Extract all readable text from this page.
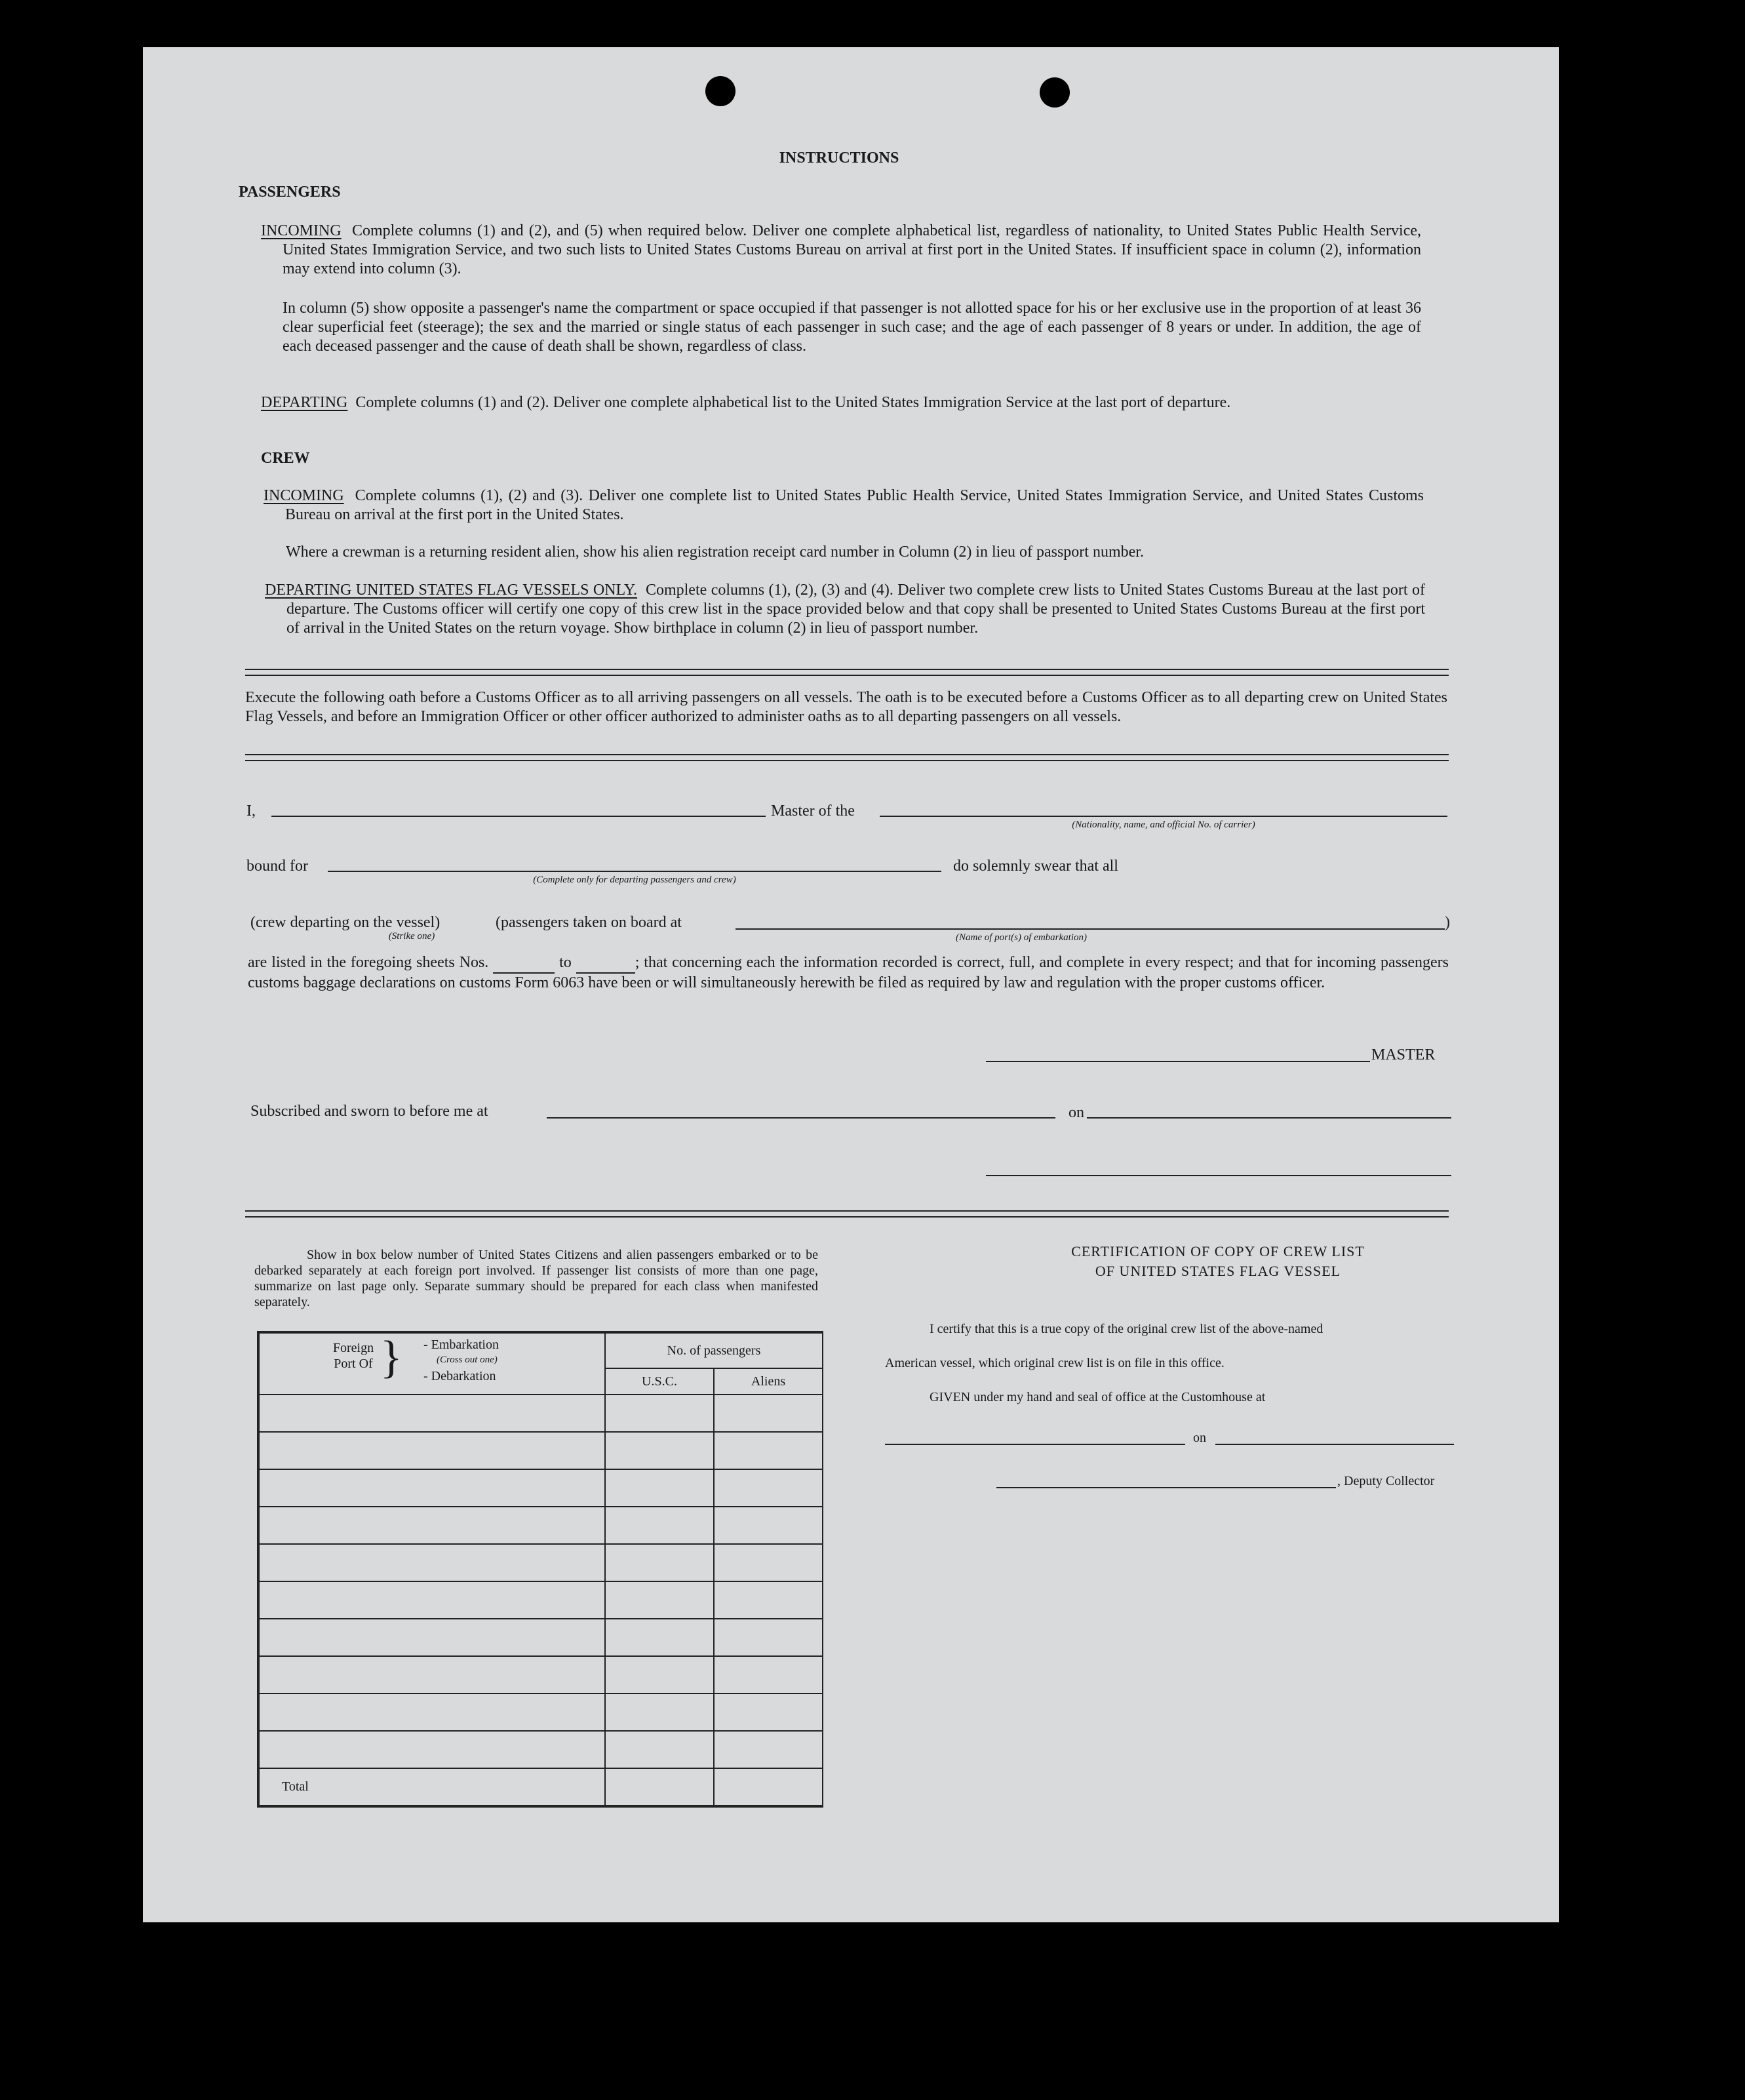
INSTRUCTIONS
PASSENGERS

INCOMING Complete columns (1) and (2), and (5) when required below. Deliver one complete alphabetical list, regardless of nationality, to United States Public Health Service, United States Immigration Service, and two such lists to United States Customs Bureau on arrival at first port in the United States. If insufficient space in column (2), information may extend into column (3).

In column (5) show opposite a passenger's name the compartment or space occupied if that passenger is not allotted space for his or her exclusive use in the proportion of at least 36 clear superficial feet (steerage); the sex and the married or single status of each passenger in such case; and the age of each passenger of 8 years or under. In addition, the age of each deceased passenger and the cause of death shall be shown, regardless of class.

DEPARTING Complete columns (1) and (2). Deliver one complete alphabetical list to the United States Immigration Service at the last port of departure.

CREW

INCOMING Complete columns (1), (2) and (3). Deliver one complete list to United States Public Health Service, United States Immigration Service, and United States Customs Bureau on arrival at the first port in the United States.

Where a crewman is a returning resident alien, show his alien registration receipt card number in Column (2) in lieu of passport number.

DEPARTING UNITED STATES FLAG VESSELS ONLY. Complete columns (1), (2), (3) and (4). Deliver two complete crew lists to United States Customs Bureau at the last port of departure. The Customs officer will certify one copy of this crew list in the space provided below and that copy shall be presented to United States Customs Bureau at the first port of arrival in the United States on the return voyage. Show birthplace in column (2) in lieu of passport number.

Execute the following oath before a Customs Officer as to all arriving passengers on all vessels. The oath is to be executed before a Customs Officer as to all departing crew on United States Flag Vessels, and before an Immigration Officer or other officer authorized to administer oaths as to all departing passengers on all vessels.

I,	Master of the
(Nationality, name, and official No. of carrier)
bound for
(Complete only for departing passengers and crew)
do solemnly swear that all
(crew departing on the vessel)
(Strike one)
(passengers taken on board at
(Name of port(s) of embarkation)
)

are listed in the foregoing sheets Nos.	to	; that concerning each the information recorded is correct, full, and complete in every respect; and that for incoming passengers customs baggage declarations on customs Form 6063 have been or will simultaneously herewith be filed as required by law and regulation with the proper customs officer.

MASTER
Subscribed and sworn to before me at	on

Show in box below number of United States Citizens and alien passengers embarked or to be debarked separately at each foreign port involved. If passenger list consists of more than one page, summarize on last page only. Separate summary should be prepared for each class when manifested separately.

Foreign Port Of } - Embarkation
(Cross out one)
- Debarkation	No. of passengers	
	U.S.C.	Aliens

Total		
CERTIFICATION OF COPY OF CREW LIST
OF UNITED STATES FLAG VESSEL
I certify that this is a true copy of the original crew list of the above-named
American vessel, which original crew list is on file in this office.
GIVEN under my hand and seal of office at the Customhouse at
on
, Deputy Collector
